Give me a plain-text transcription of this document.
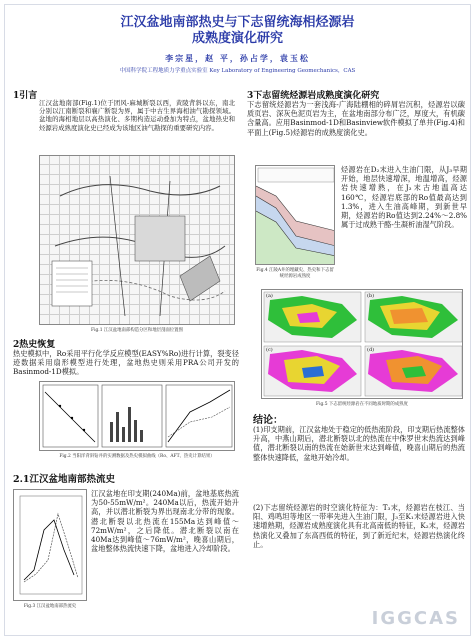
江汉盆地南部热史与下志留统海相烃源岩
成熟度演化研究
李宗星，赵 平，孙占学，袁玉松
中国科学院工程地质力学重点实验室 Key Laboratory of Engineering Geomechanics，CAS
1引言
江汉盆地南部(Fig.1)位于团风-麻城断裂以西，黄陵背斜以东，南北分别以江南断裂和襄广断裂为界，属于中古生界海相油气勘探领域。盆地的海相地层以高热演化、多期构造运动叠加为特点，盆地热史和烃源岩成熟度演化史已经成为该地区油气勘探的重要研究内容。
Fig.1 江汉盆地南部构造分区和地层剖面位置图
2热史恢复
热史模拟中，Ro采用平行化学反应模型(EASY%Ro)进行计算，裂变径迹数据采用扇形模型进行处理，盆地热史则采用PRA公司开发的Basinmod-1D模拟。
Fig.2 当阳洋背斜钻井的实测数据及热史模拟曲线（Ro、AFT、热史计算结果）
2.1江汉盆地南部热流史
Fig.3 江汉盆地南部热流史
江汉盆地在印支期(240Ma)前，盆地基底热流为50-55mW/m²。240Ma以后，热流开始升高，并以潜北断裂为界出现南北分带的现象。潜北断裂以北热流在155Ma达到峰值～72mW/m²，之后降低。潜北断裂以南在40Ma达到峰值～76mW/m²，晚喜山期后，盆地整体热流快速下降，盆地进入冷却阶段。
3下志留统烃源岩成熟度演化研究
下志留统烃源岩为一套浅海-广海陆棚相的碎屑岩沉积，烃源岩以碳质页岩、深灰色泥页岩为主，在盆地南部分布广泛，厚度大，有机碳含量高。应用Basinmod-1D和Basinview软件模拟了单井(Fig.4)和平面上(Fig.5)烃源岩的成熟度演化史。
Fig.4 江陵A井的埋藏史、热史和下志留统烃源岩成熟度
烃源岩在D₂末进入生油门限，从J₃早期开始，地层快速增深，地温增高，烃源岩快速增熟，在J₃末古地温高达160℃，烃源岩底部的Ro值最高达到1.3%，进入生油高峰期，到新世早期，烃源岩的Ro值达到2.24%～2.8%属于过成熟干酪-生凝析油湿气阶段。
(a)	(b)
(c)	(d)
Fig.5 下志留统烃源岩在不同地质时期的成熟度
结论：
(1)印支期前，江汉盆地处于稳定的低热流阶段，印支期后热流整体升高，中燕山期后，潜北断裂以北的热流在中侏罗世末热流达到峰值，潜北断裂以南的热流在始新世末达到峰值，晚喜山期后的热流整体快速降低，盆地开始冷却。
(2)下志留统烃源岩的时空演化特征为：T₃末，烃源岩在枝江、当阳、鸡鸣坦等地区一带率先进入生油门限，J₃至K₁末烃源岩进入快速增熟期，烃源岩成熟度演化具有北高南低的特征，K₂末，烃源岩热演化又叠加了东高西低的特征，到了新近纪末，烃源岩热演化终止。
IGGCAS
